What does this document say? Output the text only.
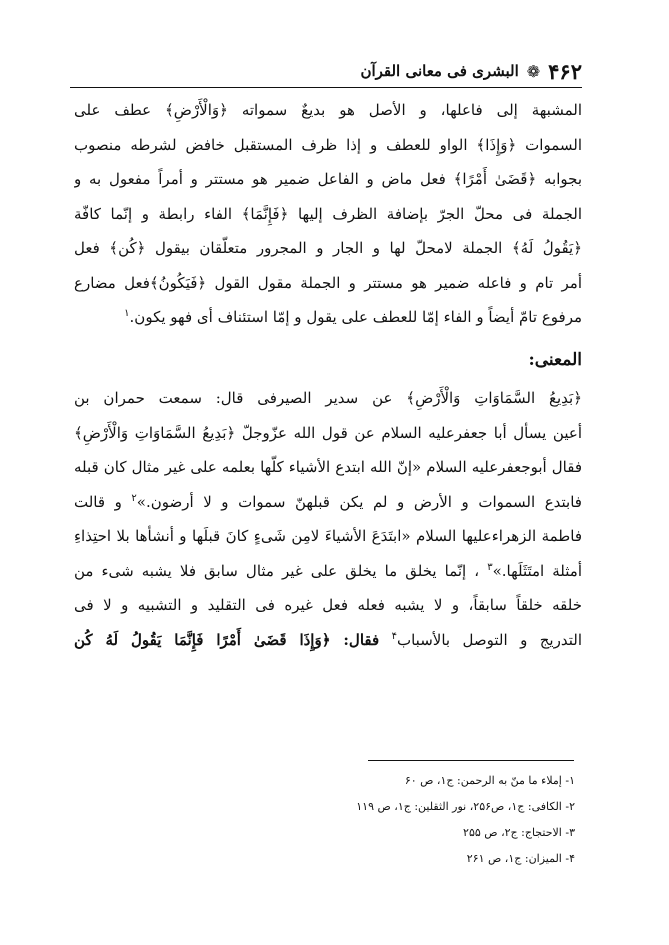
۴۶۲
❁
البشری فی معانی القرآن
المشبهة إلی فاعلها، و الأصل هو بدیعٌ سمواته ﴿وَالْأَرْضِ﴾ عطف علی
السموات ﴿وَإِذَا﴾ الواو للعطف و إذا ظرف المستقبل خافض لشرطه منصوب
بجوابه ﴿قَضَىٰ أَمْرًا﴾ فعل ماض و الفاعل ضمیر هو مستتر و أمراً مفعول به و
الجملة فی محلّ الجرّ بإضافة الظرف إلیها ﴿فَإِنَّمَا﴾ الفاء رابطة و إنّما کافّة
﴿يَقُولُ لَهُ﴾ الجملة لامحلّ لها و الجار و المجرور متعلّقان بیقول ﴿كُن﴾ فعل
أمر تام و فاعله ضمیر هو مستتر و الجملة مقول القول ﴿فَيَكُونُ﴾فعل مضارع
مرفوع تامّ أیضاً و الفاء إمّا للعطف علی یقول و إمّا استئناف أی فهو یکون.$^۱$
المعنی:
﴿بَدِيعُ السَّمَاوَاتِ وَالْأَرْضِ﴾ عن سدیر الصیرفی قال: سمعت حمران بن
أعین یسأل أبا جعفرعليه السلام عن قول الله عزّوجلّ ﴿بَدِيعُ السَّمَاوَاتِ وَالْأَرْضِ﴾
فقال أبوجعفرعليه السلام «إنّ الله ابتدع الأشیاء کلّها بعلمه علی غیر مثال کان قبله
فابتدع السموات و الأرض و لم یکن قبلهنّ سموات و لا أرضون.»$^۲$ و قالت
فاطمة الزهراءعليها السلام «ابتَدَعَ الأشیاءَ لامِن شَیءٍ کانَ قبلَها و أنشأها بلا احتِذاءِ
أمثلة امتَثَلَها.»$^۳$ ، إنّما یخلق ما یخلق علی غیر مثال سابق فلا یشبه شیء من
خلقه خلقاً سابقاً، و لا یشبه فعله فعل غیره فی التقلید و التشبیه و لا فی
التدریج و التوصل بالأسباب$^۴$ فقال: ﴿وَإِذَا قَضَىٰ أَمْرًا فَإِنَّمَا يَقُولُ لَهُ كُن
۱- إملاء ما منّ به الرحمن: ج۱، ص ۶۰
۲- الکافی: ج۱، ص۲۵۶، نور الثقلین: ج۱، ص ۱۱۹
۳- الاحتجاج: ج۲، ص ۲۵۵
۴- المیزان: ج۱، ص ۲۶۱
